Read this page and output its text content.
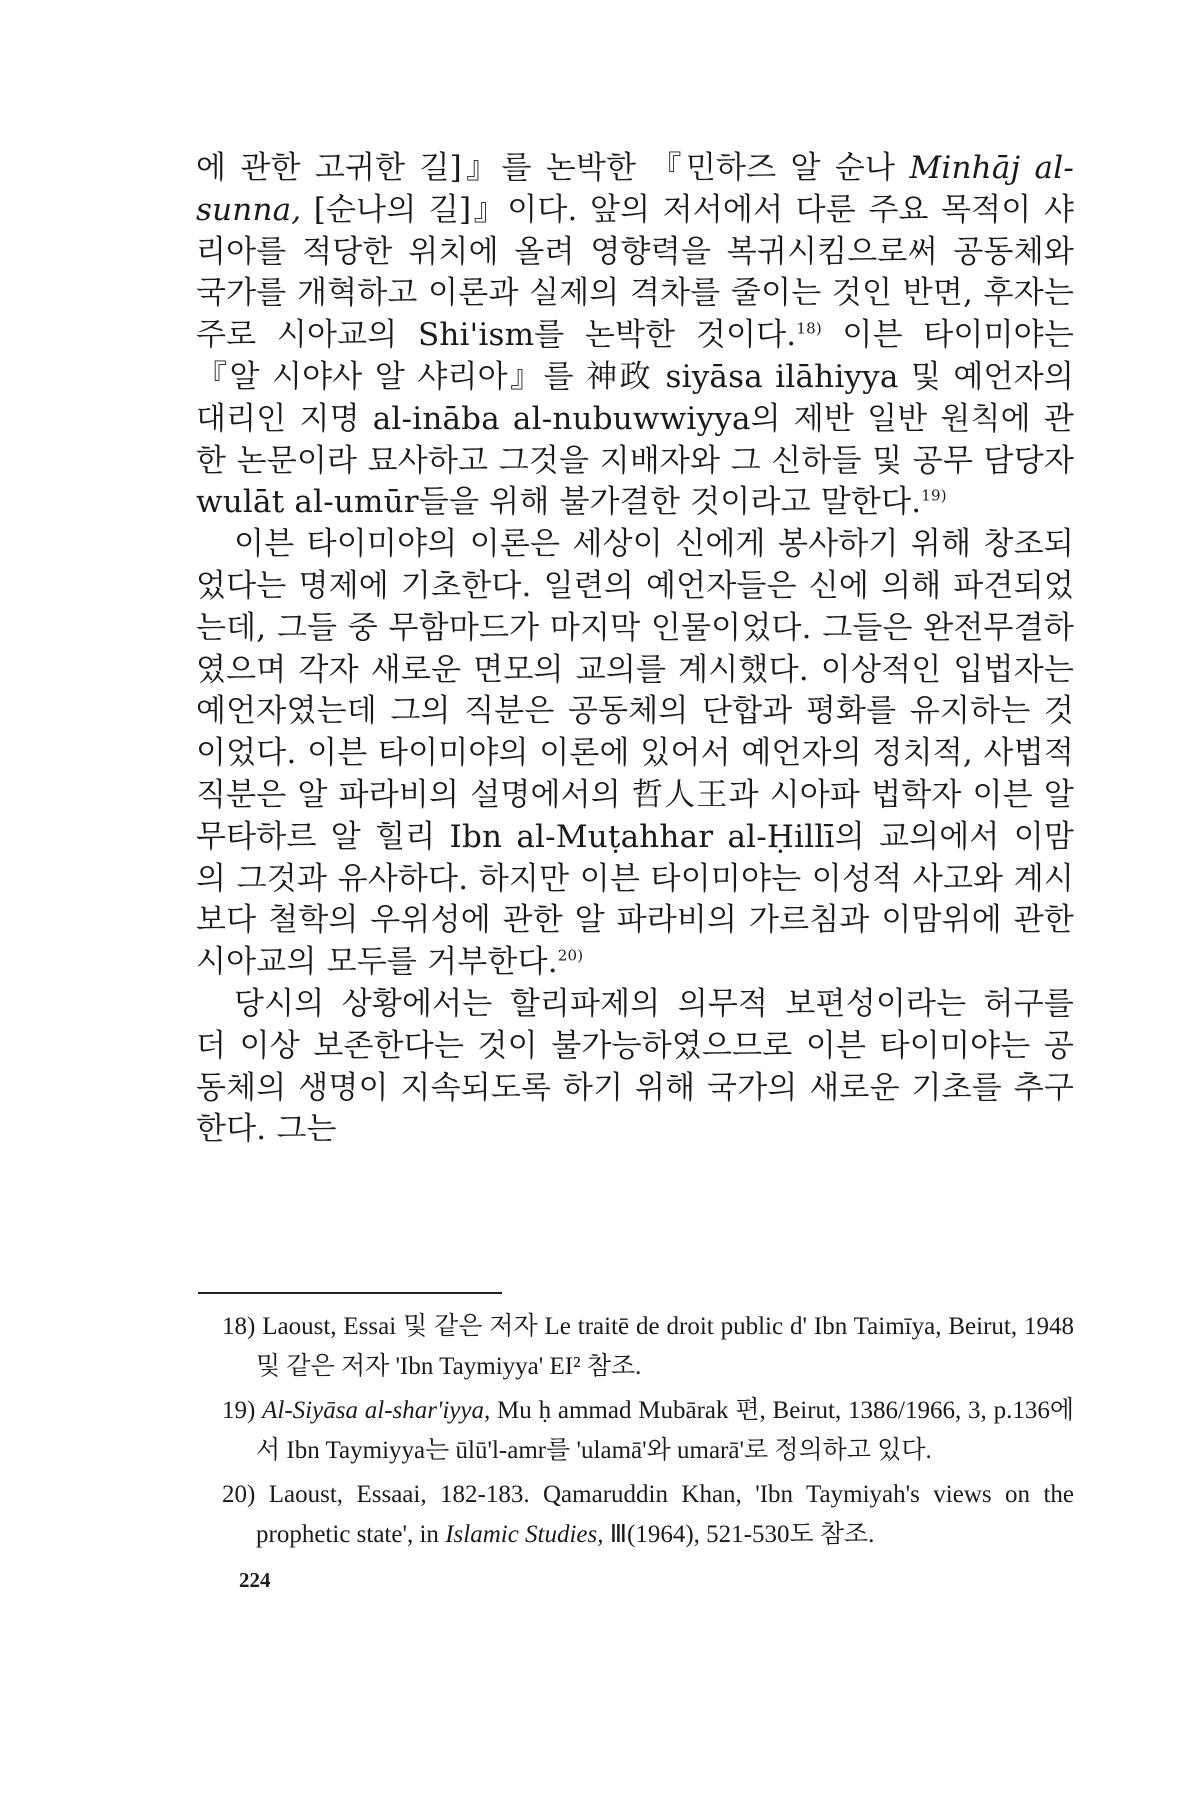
에 관한 고귀한 길]』를 논박한 『민하즈 알 순나 Minhāj al-sunna, [순나의 길]』이다. 앞의 저서에서 다룬 주요 목적이 샤리아를 적당한 위치에 올려 영향력을 복귀시킴으로써 공동체와 국가를 개혁하고 이론과 실제의 격차를 줄이는 것인 반면, 후자는 주로 시아교의 Shi'ism를 논박한 것이다.$^{18)}$ 이븐 타이미야는 『알 시야사 알 샤리아』를 神政 siyāsa ilāhiyya 및 예언자의 대리인 지명 al-ināba al-nubuwwiyya의 제반 일반 원칙에 관한 논문이라 묘사하고 그것을 지배자와 그 신하들 및 공무 담당자 wulāt al-umūr들을 위해 불가결한 것이라고 말한다.$^{19)}$

이븐 타이미야의 이론은 세상이 신에게 봉사하기 위해 창조되었다는 명제에 기초한다. 일련의 예언자들은 신에 의해 파견되었는데, 그들 중 무함마드가 마지막 인물이었다. 그들은 완전무결하였으며 각자 새로운 면모의 교의를 계시했다. 이상적인 입법자는 예언자였는데 그의 직분은 공동체의 단합과 평화를 유지하는 것이었다. 이븐 타이미야의 이론에 있어서 예언자의 정치적, 사법적 직분은 알 파라비의 설명에서의 哲人王과 시아파 법학자 이븐 알 무타하르 알 힐리 Ibn al-Muṭahhar al-Ḥillī의 교의에서 이맘의 그것과 유사하다. 하지만 이븐 타이미야는 이성적 사고와 계시보다 철학의 우위성에 관한 알 파라비의 가르침과 이맘위에 관한 시아교의 모두를 거부한다.$^{20)}$

당시의 상황에서는 할리파제의 의무적 보편성이라는 허구를 더 이상 보존한다는 것이 불가능하였으므로 이븐 타이미야는 공동체의 생명이 지속되도록 하기 위해 국가의 새로운 기초를 추구한다. 그는

18) Laoust, Essai 및 같은 저자 Le traitē de droit public d' Ibn Taimīya, Beirut, 1948 및 같은 저자 'Ibn Taymiyya' EI² 참조.
19) Al-Siyāsa al-shar'iyya, Mu ḥ ammad Mubārak 편, Beirut, 1386/1966, 3, p.136에서 Ibn Taymiyya는 ūlū'l-amr를 'ulamā'와 umarā'로 정의하고 있다.
20) Laoust, Essaai, 182-183. Qamaruddin Khan, 'Ibn Taymiyah's views on the prophetic state', in Islamic Studies, Ⅲ(1964), 521-530도 참조.
224
